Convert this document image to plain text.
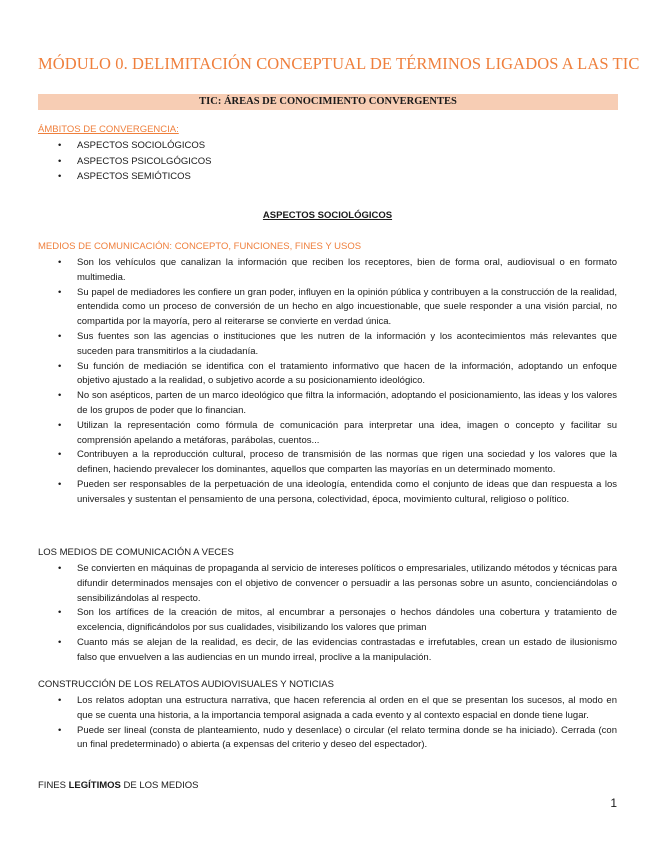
MÓDULO 0. DELIMITACIÓN CONCEPTUAL DE TÉRMINOS LIGADOS A LAS TIC
TIC: ÁREAS DE CONOCIMIENTO CONVERGENTES
ÁMBITOS DE CONVERGENCIA:
• ASPECTOS SOCIOLÓGICOS
• ASPECTOS PSICOLGÓGICOS
• ASPECTOS SEMIÓTICOS
ASPECTOS SOCIOLÓGICOS
MEDIOS DE COMUNICACIÓN: CONCEPTO, FUNCIONES, FINES Y USOS
• Son los vehículos que canalizan la información que reciben los receptores, bien de forma oral, audiovisual o en formato multimedia.
• Su papel de mediadores les confiere un gran poder, influyen en la opinión pública y contribuyen a la construcción de la realidad, entendida como un proceso de conversión de un hecho en algo incuestionable, que suele responder a una visión parcial, no compartida por la mayoría, pero al reiterarse se convierte en verdad única.
• Sus fuentes son las agencias o instituciones que les nutren de la información y los acontecimientos más relevantes que suceden para transmitirlos a la ciudadanía.
• Su función de mediación se identifica con el tratamiento informativo que hacen de la información, adoptando un enfoque objetivo ajustado a la realidad, o subjetivo acorde a su posicionamiento ideológico.
• No son asépticos, parten de un marco ideológico que filtra la información, adoptando el posicionamiento, las ideas y los valores de los grupos de poder que lo financian.
• Utilizan la representación como fórmula de comunicación para interpretar una idea, imagen o concepto y facilitar su comprensión apelando a metáforas, parábolas, cuentos...
• Contribuyen a la reproducción cultural, proceso de transmisión de las normas que rigen una sociedad y los valores que la definen, haciendo prevalecer los dominantes, aquellos que comparten las mayorías en un determinado momento.
• Pueden ser responsables de la perpetuación de una ideología, entendida como el conjunto de ideas que dan respuesta a los universales y sustentan el pensamiento de una persona, colectividad, época, movimiento cultural, religioso o político.
LOS MEDIOS DE COMUNICACIÓN A VECES
• Se convierten en máquinas de propaganda al servicio de intereses políticos o empresariales, utilizando métodos y técnicas para difundir determinados mensajes con el objetivo de convencer o persuadir a las personas sobre un asunto, concienciándolas o sensibilizándolas al respecto.
• Son los artífices de la creación de mitos, al encumbrar a personajes o hechos dándoles una cobertura y tratamiento de excelencia, dignificándolos por sus cualidades, visibilizando los valores que priman
• Cuanto más se alejan de la realidad, es decir, de las evidencias contrastadas e irrefutables, crean un estado de ilusionismo falso que envuelven a las audiencias en un mundo irreal, proclive a la manipulación.
CONSTRUCCIÓN DE LOS RELATOS AUDIOVISUALES Y NOTICIAS
• Los relatos adoptan una estructura narrativa, que hacen referencia al orden en el que se presentan los sucesos, al modo en que se cuenta una historia, a la importancia temporal asignada a cada evento y al contexto espacial en donde tiene lugar.
• Puede ser lineal (consta de planteamiento, nudo y desenlace) o circular (el relato termina donde se ha iniciado). Cerrada (con un final predeterminado) o abierta (a expensas del criterio y deseo del espectador).
FINES LEGÍTIMOS DE LOS MEDIOS
1
